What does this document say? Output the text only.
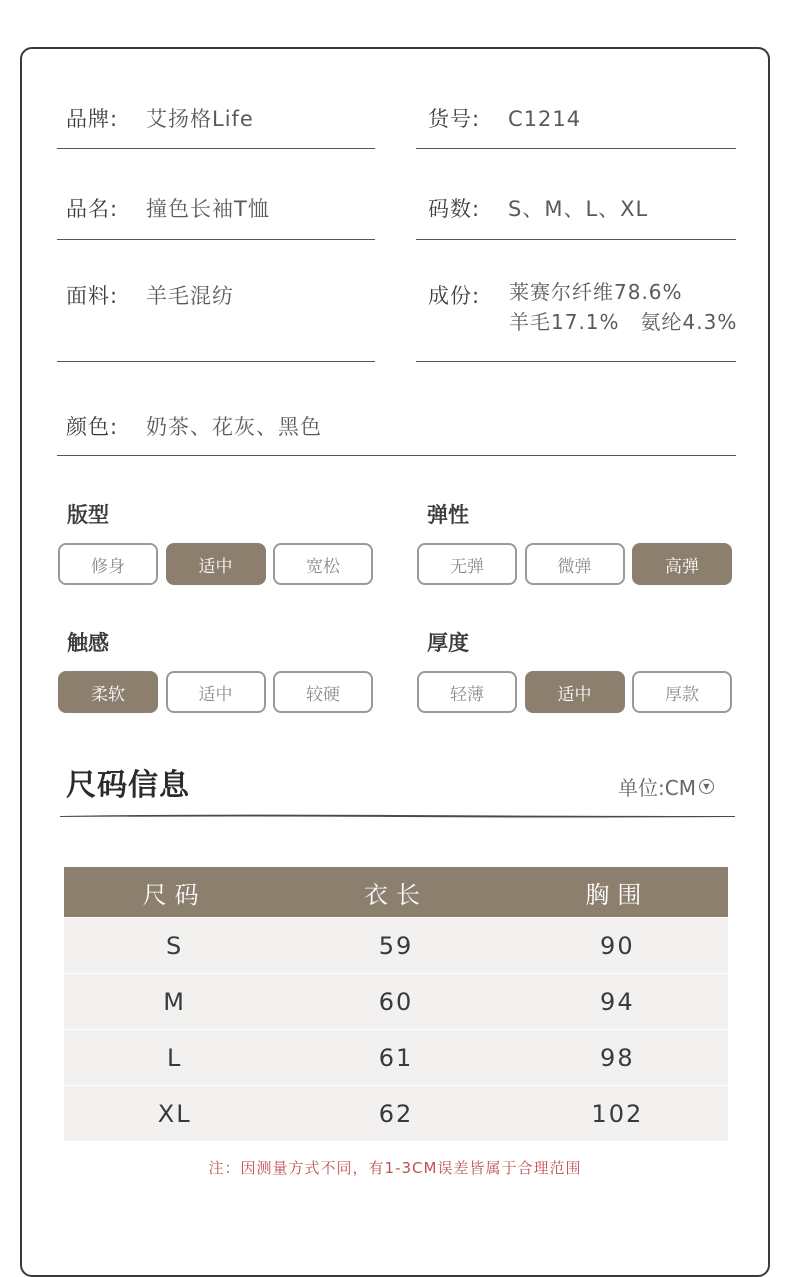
品牌: 艾扬格Life	货号: C1214
品名: 撞色长袖T恤	码数: S、M、L、XL
面料: 羊毛混纺	成份:	莱赛尔纤维78.6%
羊毛17.1%　氨纶4.3%
颜色: 奶茶、花灰、黑色
版型
修身	适中	宽松
弹性
无弹	微弹	高弹
触感
柔软	适中	较硬
厚度
轻薄	适中	厚款
尺码信息	单位:CM ▼
尺码	衣长	胸围
S	59	90
M	60	94
L	61	98
XL	62	102
注：因测量方式不同，有1-3CM误差皆属于合理范围
